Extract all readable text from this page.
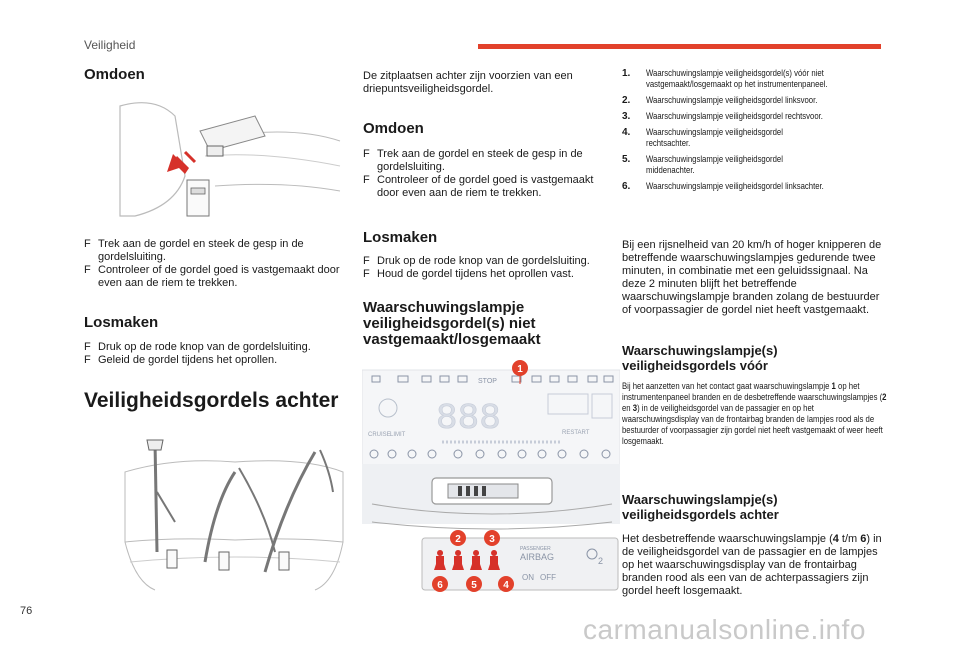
Veiligheid
Omdoen

F Trek aan de gordel en steek de gesp in de gordelsluiting.

F Controleer of de gordel goed is vastgemaakt door even aan de riem te trekken.

Losmaken

F Druk op de rode knop van de gordelsluiting.

F Geleid de gordel tijdens het oprollen.

Veiligheidsgordels achter
76

De zitplaatsen achter zijn voorzien van een driepuntsveiligheidsgordel.

Omdoen

F Trek aan de gordel en steek de gesp in de gordelsluiting.

F Controleer of de gordel goed is vastgemaakt door even aan de riem te trekken.

Losmaken

F Druk op de rode knop van de gordelsluiting.

F Houd de gordel tijdens het oprollen vast.

Waarschuwingslampje veiligheidsgordel(s) niet vastgemaakt/losgemaakt
STOP
888
CRUISE LIMIT	RESTART
PASSENGER
AIRBAG
ON OFF
2
1
2	3
4
5
6
1.	Waarschuwingslampje veiligheidsgordel(s) vóór niet vastgemaakt/losgemaakt op het instrumentenpaneel.
2.	Waarschuwingslampje veiligheidsgordel linksvoor.
3.	Waarschuwingslampje veiligheidsgordel rechtsvoor.
4.	Waarschuwingslampje veiligheidsgordel rechtsachter.
5.	Waarschuwingslampje veiligheidsgordel middenachter.
6.	Waarschuwingslampje veiligheidsgordel linksachter.

Bij een rijsnelheid van 20 km/h of hoger knipperen de betreffende waarschuwingslampjes gedurende twee minuten, in combinatie met een geluidssignaal. Na deze 2 minuten blijft het betreffende waarschuwingslampje branden zolang de bestuurder of voorpassagier de gordel niet heeft vastgemaakt.

Waarschuwingslampje(s) veiligheidsgordels vóór

Bij het aanzetten van het contact gaat waarschuwingslampje 1 op het instrumentenpaneel branden en de desbetreffende waarschuwingslampjes (2 en 3) in de veiligheidsgordel van de passagier en op het waarschuwingsdisplay van de frontairbag branden de lampjes rood als de bestuurder of voorpassagier zijn gordel niet heeft vastgemaakt of weer heeft losgemaakt.

Waarschuwingslampje(s) veiligheidsgordels achter

Het desbetreffende waarschuwingslampje (4 t/m 6) in de veiligheidsgordel van de passagier en de lampjes op het waarschuwingsdisplay van de frontairbag branden rood als een van de achterpassagiers zijn gordel heeft losgemaakt.

carmanualsonline.info
